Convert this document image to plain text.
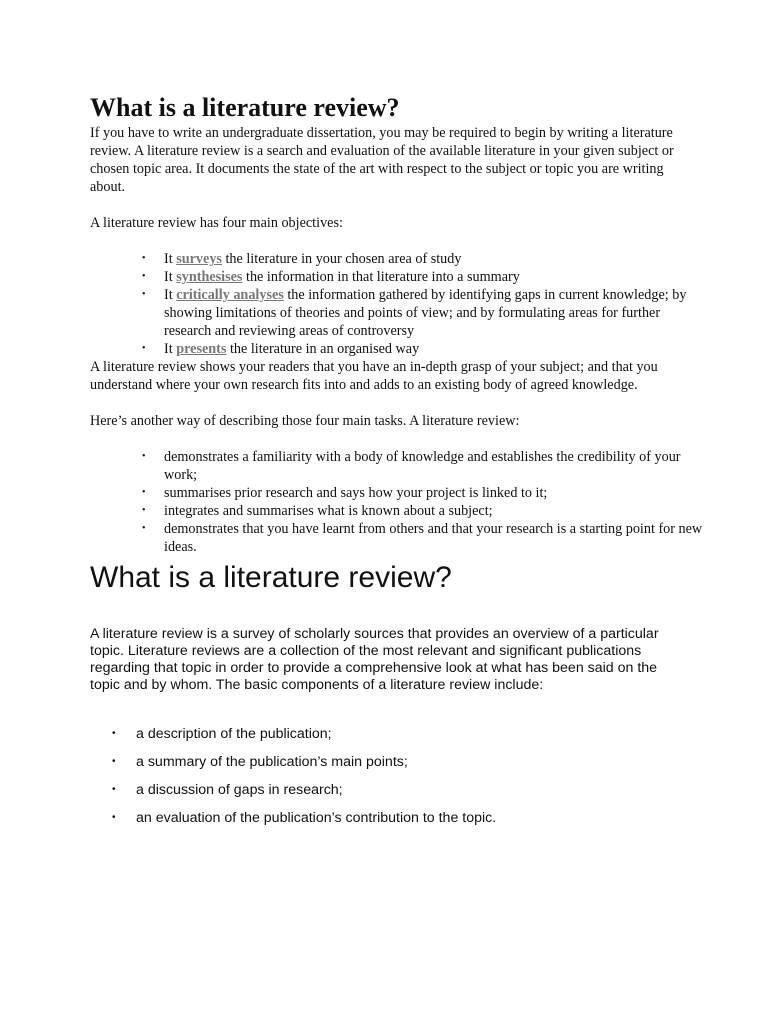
What is a literature review?

If you have to write an undergraduate dissertation, you may be required to begin by writing a literature review. A literature review is a search and evaluation of the available literature in your given subject or chosen topic area. It documents the state of the art with respect to the subject or topic you are writing about.

A literature review has four main objectives:

• It surveys the literature in your chosen area of study
• It synthesises the information in that literature into a summary
• It critically analyses the information gathered by identifying gaps in current knowledge; by showing limitations of theories and points of view; and by formulating areas for further research and reviewing areas of controversy
• It presents the literature in an organised way

A literature review shows your readers that you have an in-depth grasp of your subject; and that you understand where your own research fits into and adds to an existing body of agreed knowledge.

Here’s another way of describing those four main tasks. A literature review:

• demonstrates a familiarity with a body of knowledge and establishes the credibility of your work;
• summarises prior research and says how your project is linked to it;
• integrates and summarises what is known about a subject;
• demonstrates that you have learnt from others and that your research is a starting point for new ideas.
What is a literature review?

A literature review is a survey of scholarly sources that provides an overview of a particular topic. Literature reviews are a collection of the most relevant and significant publications regarding that topic in order to provide a comprehensive look at what has been said on the topic and by whom. The basic components of a literature review include:

• a description of the publication;
• a summary of the publication’s main points;
• a discussion of gaps in research;
• an evaluation of the publication’s contribution to the topic.
